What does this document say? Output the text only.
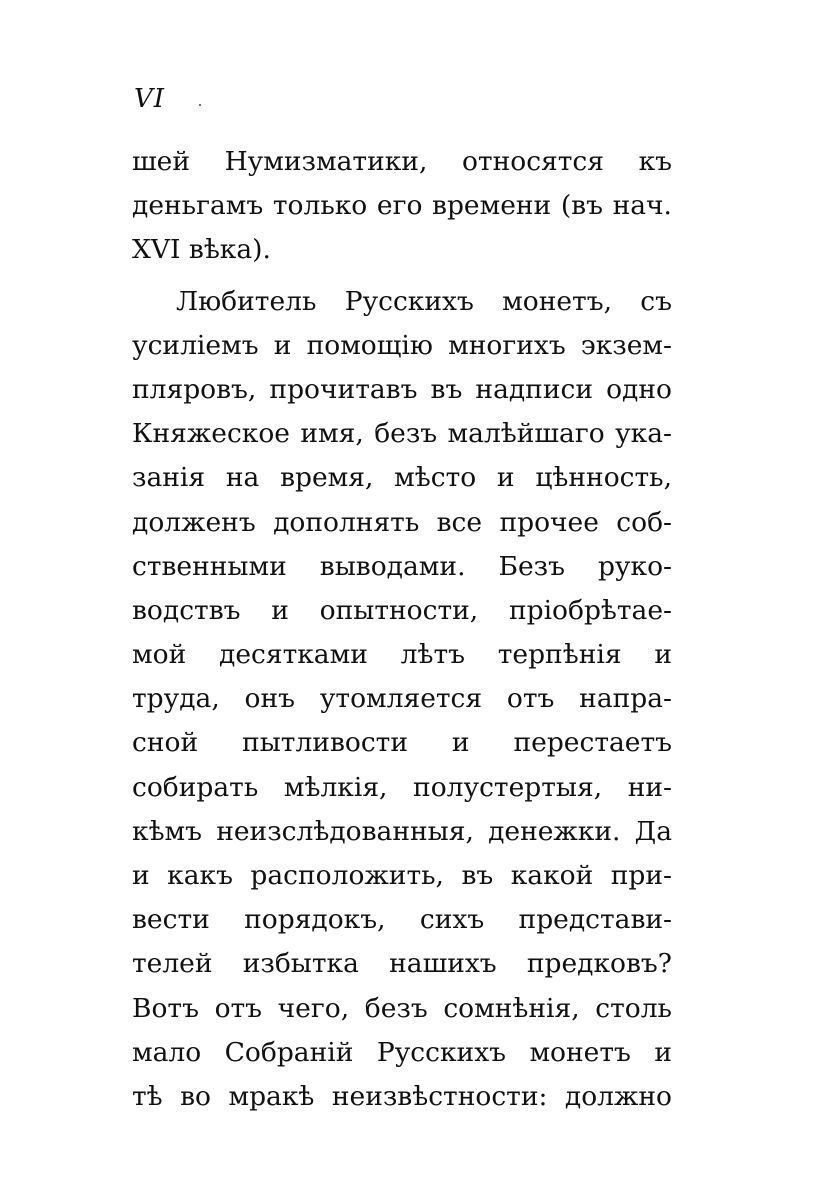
VI
шей Нумизматики, относятся къ
деньгамъ только его времени (въ нач.
XVI вѣка).
Любитель Русскихъ монетъ, съ
усиліемъ и помощію многихъ экзем-
пляровъ, прочитавъ въ надписи одно
Княжеское имя, безъ малѣйшаго ука-
занія на время, мѣсто и цѣнность,
долженъ дополнять все прочее соб-
ственными выводами. Безъ руко-
водствъ и опытности, пріобрѣтае-
мой десятками лѣтъ терпѣнія и
труда, онъ утомляется отъ напра-
сной пытливости и перестаетъ
собирать мѣлкія, полустертыя, ни-
кѣмъ неизслѣдованныя, денежки. Да
и какъ расположить, въ какой при-
вести порядокъ, сихъ представи-
телей избытка нашихъ предковъ?
Вотъ отъ чего, безъ сомнѣнія, столь
мало Собраній Русскихъ монетъ и
тѣ во мракѣ неизвѣстности: должно
